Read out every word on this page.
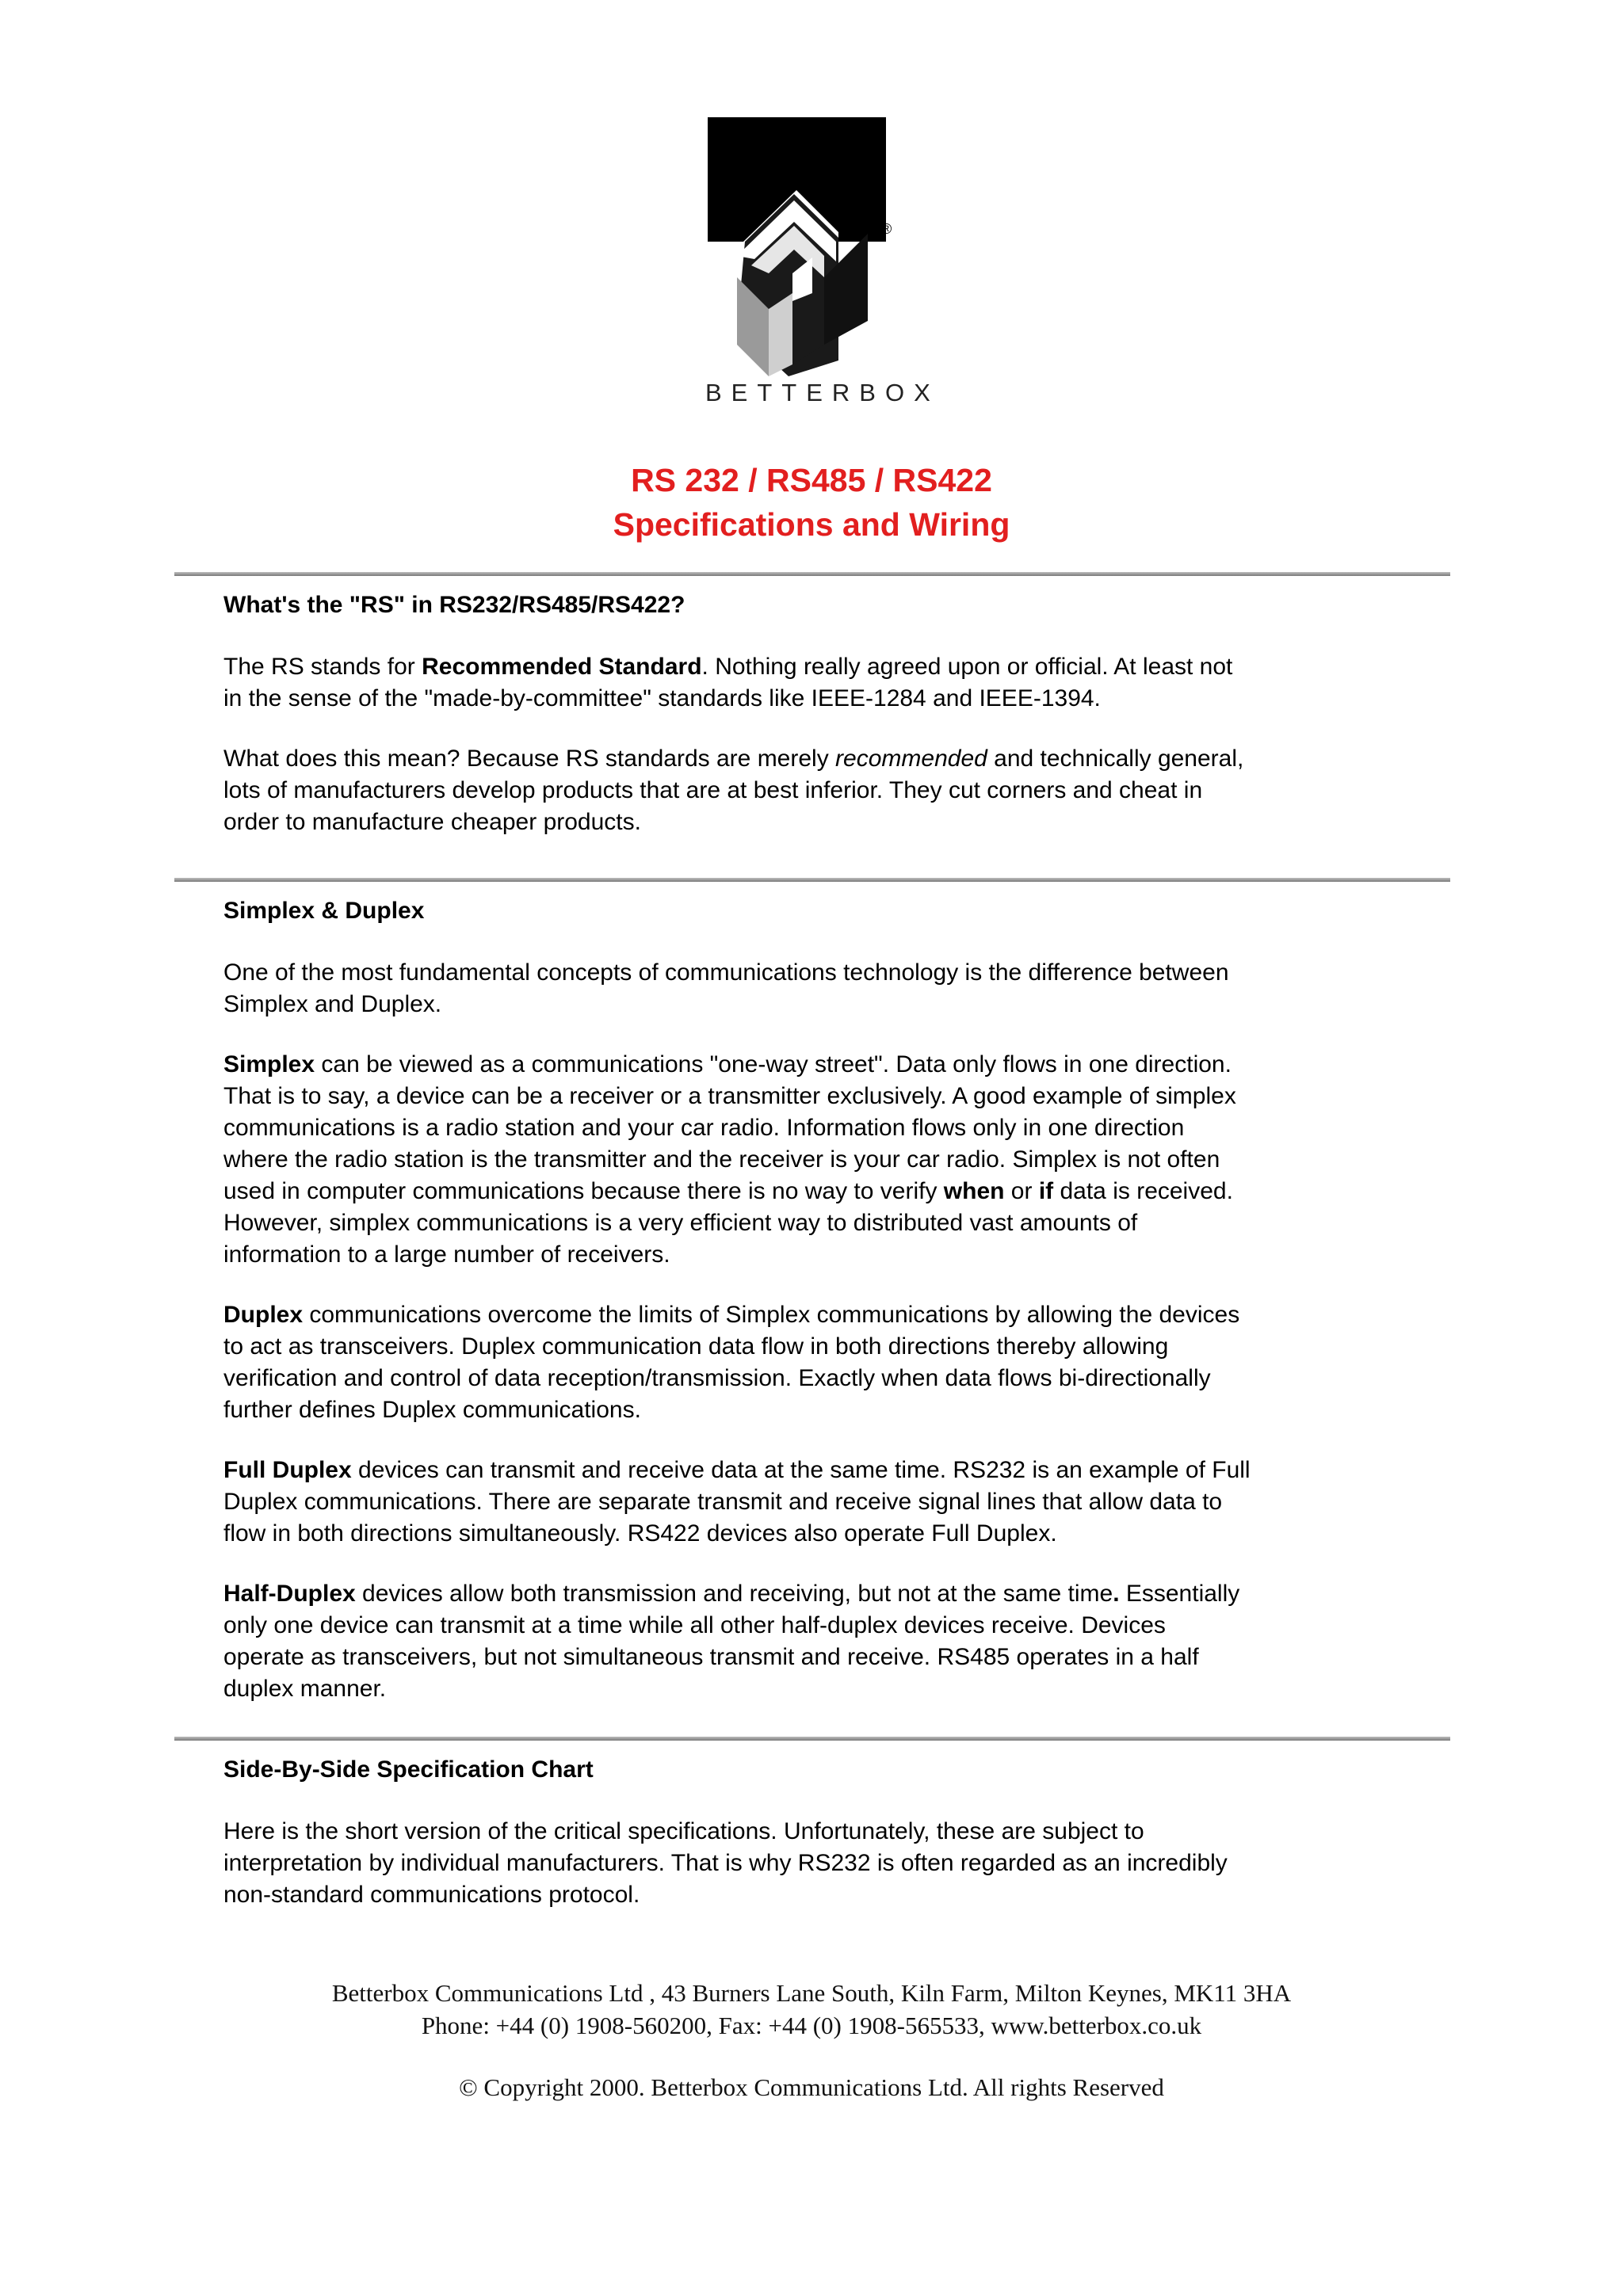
®
BETTERBOX
RS 232 / RS485 / RS422
Specifications and Wiring

What's the "RS" in RS232/RS485/RS422?

The RS stands for Recommended Standard. Nothing really agreed upon or official. At least not
in the sense of the "made-by-committee" standards like IEEE-1284 and IEEE-1394.

What does this mean? Because RS standards are merely recommended and technically general,
lots of manufacturers develop products that are at best inferior. They cut corners and cheat in
order to manufacture cheaper products.

Simplex & Duplex

One of the most fundamental concepts of communications technology is the difference between
Simplex and Duplex.

Simplex can be viewed as a communications "one-way street". Data only flows in one direction.
That is to say, a device can be a receiver or a transmitter exclusively. A good example of simplex
communications is a radio station and your car radio. Information flows only in one direction
where the radio station is the transmitter and the receiver is your car radio. Simplex is not often
used in computer communications because there is no way to verify when or if data is received.
However, simplex communications is a very efficient way to distributed vast amounts of
information to a large number of receivers.

Duplex communications overcome the limits of Simplex communications by allowing the devices
to act as transceivers. Duplex communication data flow in both directions thereby allowing
verification and control of data reception/transmission. Exactly when data flows bi-directionally
further defines Duplex communications.

Full Duplex devices can transmit and receive data at the same time. RS232 is an example of Full
Duplex communications. There are separate transmit and receive signal lines that allow data to
flow in both directions simultaneously. RS422 devices also operate Full Duplex.

Half-Duplex devices allow both transmission and receiving, but not at the same time. Essentially
only one device can transmit at a time while all other half-duplex devices receive. Devices
operate as transceivers, but not simultaneous transmit and receive. RS485 operates in a half
duplex manner.

Side-By-Side Specification Chart

Here is the short version of the critical specifications. Unfortunately, these are subject to
interpretation by individual manufacturers. That is why RS232 is often regarded as an incredibly
non-standard communications protocol.

Betterbox Communications Ltd , 43 Burners Lane South, Kiln Farm, Milton Keynes, MK11 3HA
Phone: +44 (0) 1908-560200, Fax: +44 (0) 1908-565533, www.betterbox.co.uk
© Copyright 2000. Betterbox Communications Ltd. All rights Reserved
